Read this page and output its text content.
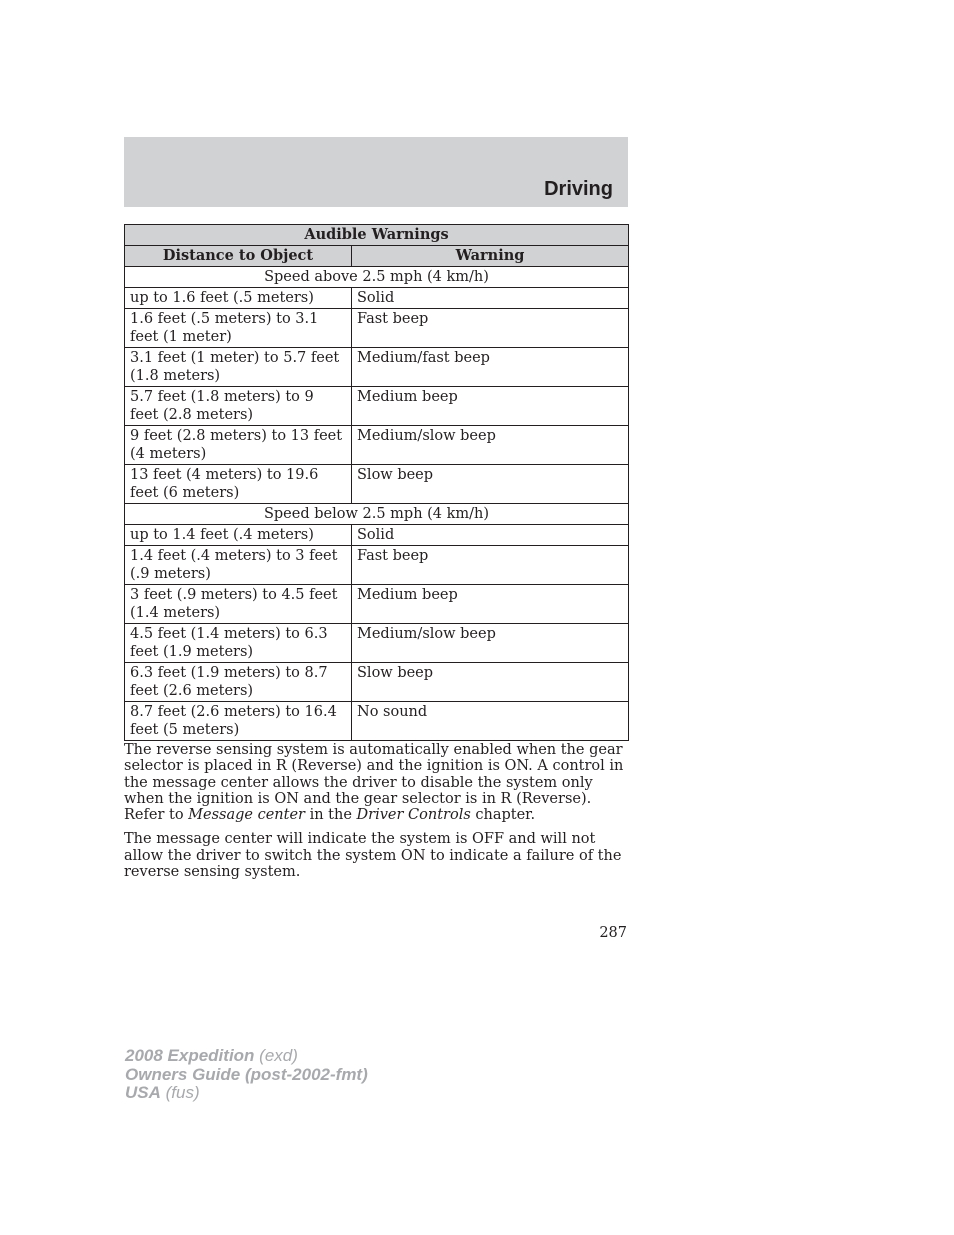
Driving
Audible Warnings	
Distance to Object	Warning
Speed above 2.5 mph (4 km/h)	
up to 1.6 feet (.5 meters)	Solid
1.6 feet (.5 meters) to 3.1 feet (1 meter)	Fast beep
3.1 feet (1 meter) to 5.7 feet (1.8 meters)	Medium/fast beep
5.7 feet (1.8 meters) to 9 feet (2.8 meters)	Medium beep
9 feet (2.8 meters) to 13 feet (4 meters)	Medium/slow beep
13 feet (4 meters) to 19.6 feet (6 meters)	Slow beep
Speed below 2.5 mph (4 km/h)	
up to 1.4 feet (.4 meters)	Solid
1.4 feet (.4 meters) to 3 feet (.9 meters)	Fast beep
3 feet (.9 meters) to 4.5 feet (1.4 meters)	Medium beep
4.5 feet (1.4 meters) to 6.3 feet (1.9 meters)	Medium/slow beep
6.3 feet (1.9 meters) to 8.7 feet (2.6 meters)	Slow beep
8.7 feet (2.6 meters) to 16.4 feet (5 meters)	No sound

The reverse sensing system is automatically enabled when the gear selector is placed in R (Reverse) and the ignition is ON. A control in the message center allows the driver to disable the system only when the ignition is ON and the gear selector is in R (Reverse). Refer to Message center in the Driver Controls chapter.

The message center will indicate the system is OFF and will not allow the driver to switch the system ON to indicate a failure of the reverse sensing system.

287
2008 Expedition (exd)
Owners Guide (post-2002-fmt)
USA (fus)
